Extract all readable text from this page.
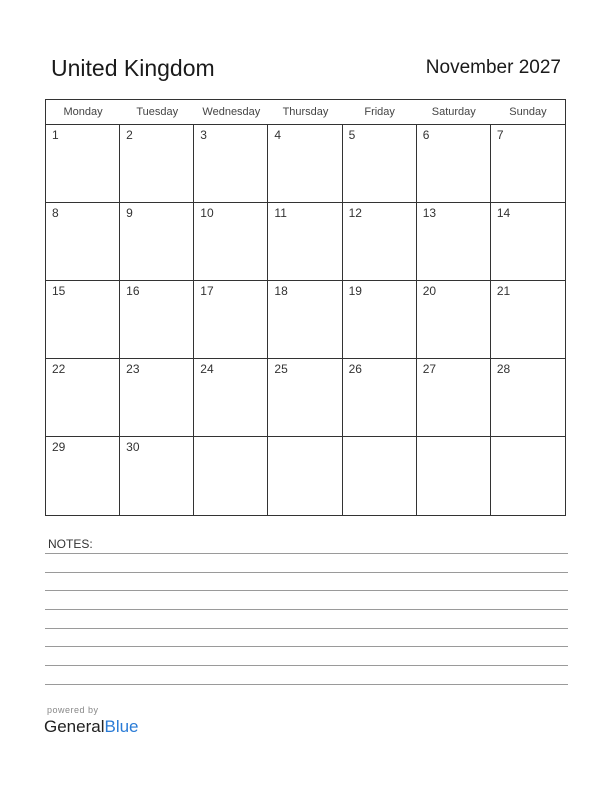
United Kingdom	November 2027
Monday	Tuesday	Wednesday	Thursday	Friday	Saturday	Sunday
1	2	3	4	5	6	7
8	9	10	11	12	13	14
15	16	17	18	19	20	21
22	23	24	25	26	27	28
29	30
NOTES:
powered by
GeneralBlue
